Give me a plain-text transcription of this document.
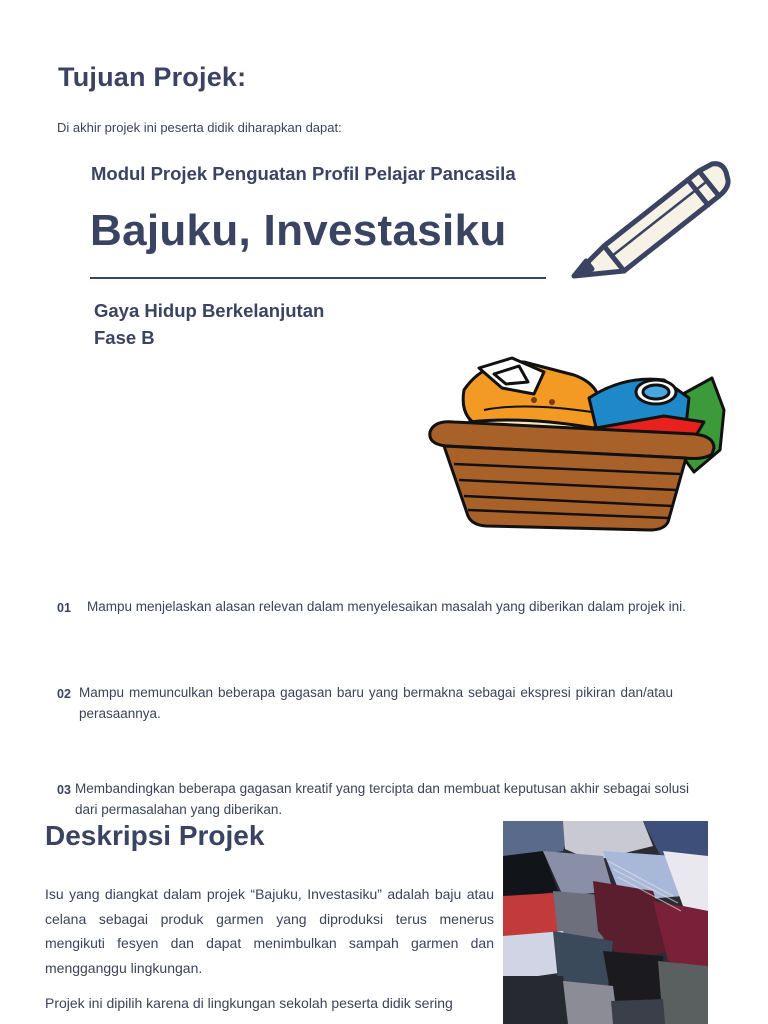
Tujuan Projek:
Di akhir projek ini peserta didik diharapkan dapat:
Modul Projek Penguatan Profil Pelajar Pancasila
Bajuku, Investasiku
Gaya Hidup Berkelanjutan
Fase B
01 Mampu menjelaskan alasan relevan dalam menyelesaikan masalah yang diberikan dalam projek ini.
02 Mampu memunculkan beberapa gagasan baru yang bermakna sebagai ekspresi pikiran dan/atau perasaannya.
03 Membandingkan beberapa gagasan kreatif yang tercipta dan membuat keputusan akhir sebagai solusi dari permasalahan yang diberikan.
Deskripsi Projek
Isu yang diangkat dalam projek “Bajuku, Investasiku” adalah baju atau celana sebagai produk garmen yang diproduksi terus menerus mengikuti fesyen dan dapat menimbulkan sampah garmen dan mengganggu lingkungan.
Projek ini dipilih karena di lingkungan sekolah peserta didik sering
